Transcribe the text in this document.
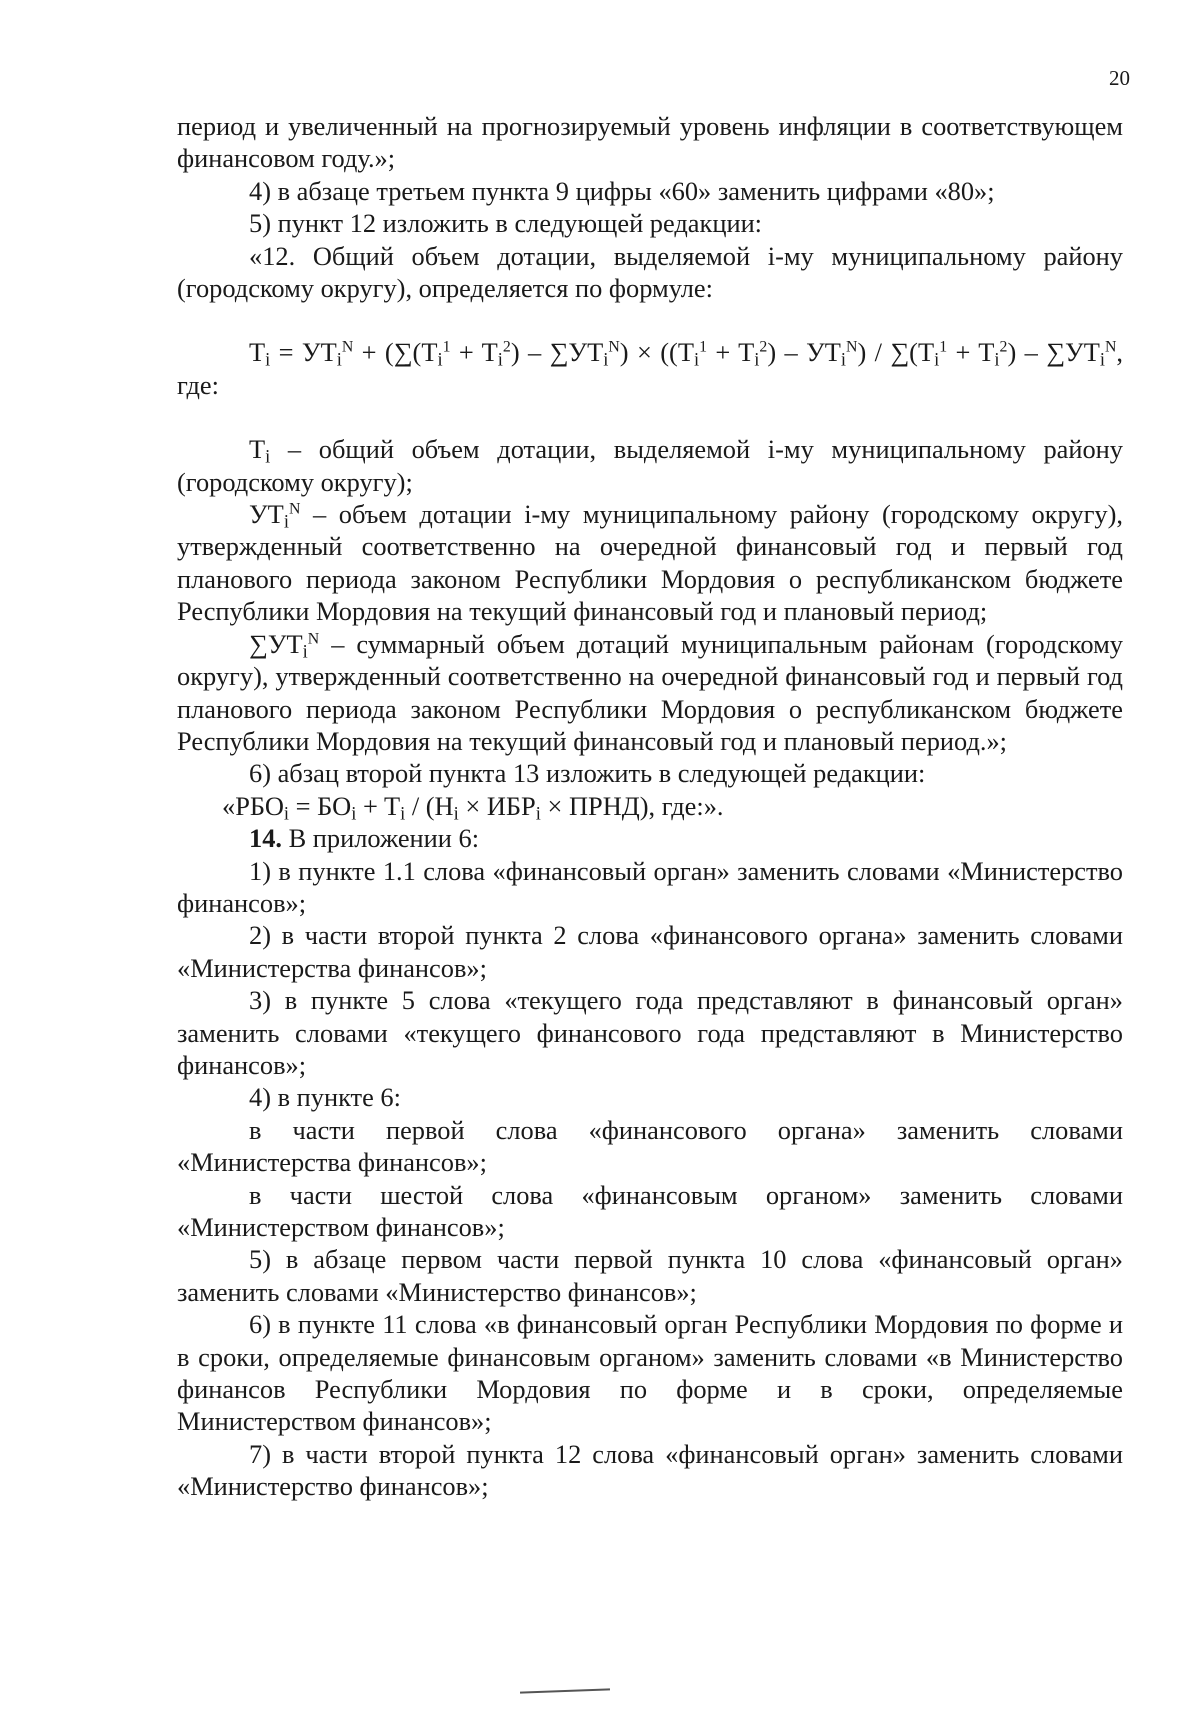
20

период и увеличенный на прогнозируемый уровень инфляции в соответствующем финансовом году.»;

4) в абзаце третьем пункта 9 цифры «60» заменить цифрами «80»;

5) пункт 12 изложить в следующей редакции:

«12. Общий объем дотации, выделяемой i-му муниципальному району (городскому округу), определяется по формуле:

$T_i = УТ_i^N + (\sum(T_i^1 + T_i^2) - \sum УТ_i^N) \times ((T_i^1 + T_i^2) - УТ_i^N) / \sum(T_i^1 + T_i^2) - \sum УТ_i^N$, где:

$T_i$ – общий объем дотации, выделяемой i-му муниципальному району (городскому округу);

$УТ_i^N$ – объем дотации i-му муниципальному району (городскому округу), утвержденный соответственно на очередной финансовый год и первый год планового периода законом Республики Мордовия о республиканском бюджете Республики Мордовия на текущий финансовый год и плановый период;

$\sum УТ_i^N$ – суммарный объем дотаций муниципальным районам (городскому округу), утвержденный соответственно на очередной финансовый год и первый год планового периода законом Республики Мордовия о республиканском бюджете Республики Мордовия на текущий финансовый год и плановый период.»;

6) абзац второй пункта 13 изложить в следующей редакции:

«$РБО_i = БО_i + T_i / (Н_i \times ИБР_i$ × ПРНД), где:».

14. В приложении 6:

1) в пункте 1.1 слова «финансовый орган» заменить словами «Министерство финансов»;

2) в части второй пункта 2 слова «финансового органа» заменить словами «Министерства финансов»;

3) в пункте 5 слова «текущего года представляют в финансовый орган» заменить словами «текущего финансового года представляют в Министерство финансов»;

4) в пункте 6:

в части первой слова «финансового органа» заменить словами «Министерства финансов»;

в части шестой слова «финансовым органом» заменить словами «Министерством финансов»;

5) в абзаце первом части первой пункта 10 слова «финансовый орган» заменить словами «Министерство финансов»;

6) в пункте 11 слова «в финансовый орган Республики Мордовия по форме и в сроки, определяемые финансовым органом» заменить словами «в Министерство финансов Республики Мордовия по форме и в сроки, определяемые Министерством финансов»;

7) в части второй пункта 12 слова «финансовый орган» заменить словами «Министерство финансов»;
